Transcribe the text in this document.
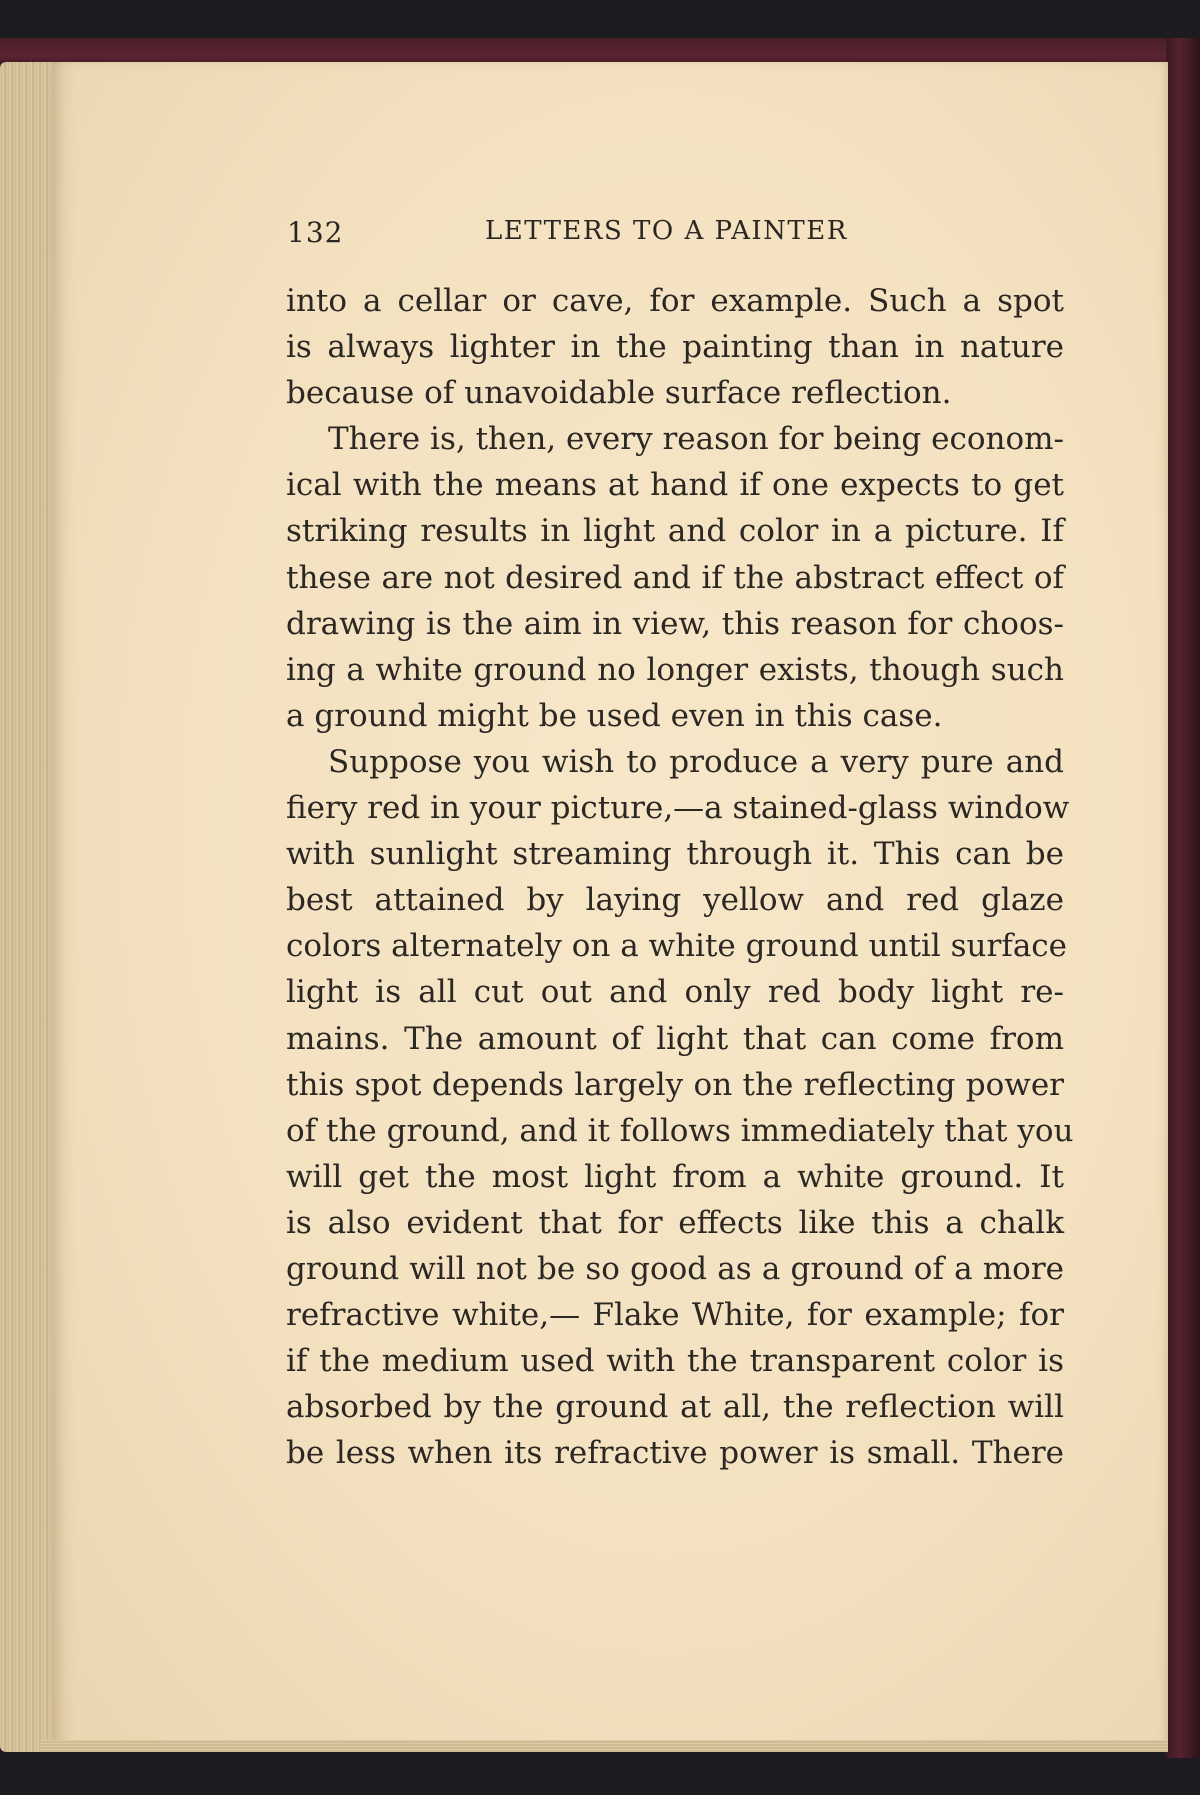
132	LETTERS TO A PAINTER
into a cellar or cave, for example. Such a spot
is always lighter in the painting than in nature
because of unavoidable surface reflection.
There is, then, every reason for being econom-
ical with the means at hand if one expects to get
striking results in light and color in a picture. If
these are not desired and if the abstract effect of
drawing is the aim in view, this reason for choos-
ing a white ground no longer exists, though such
a ground might be used even in this case.
Suppose you wish to produce a very pure and
fiery red in your picture,—a stained-glass window
with sunlight streaming through it. This can be
best attained by laying yellow and red glaze
colors alternately on a white ground until surface
light is all cut out and only red body light re-
mains. The amount of light that can come from
this spot depends largely on the reflecting power
of the ground, and it follows immediately that you
will get the most light from a white ground. It
is also evident that for effects like this a chalk
ground will not be so good as a ground of a more
refractive white,— Flake White, for example; for
if the medium used with the transparent color is
absorbed by the ground at all, the reflection will
be less when its refractive power is small. There
